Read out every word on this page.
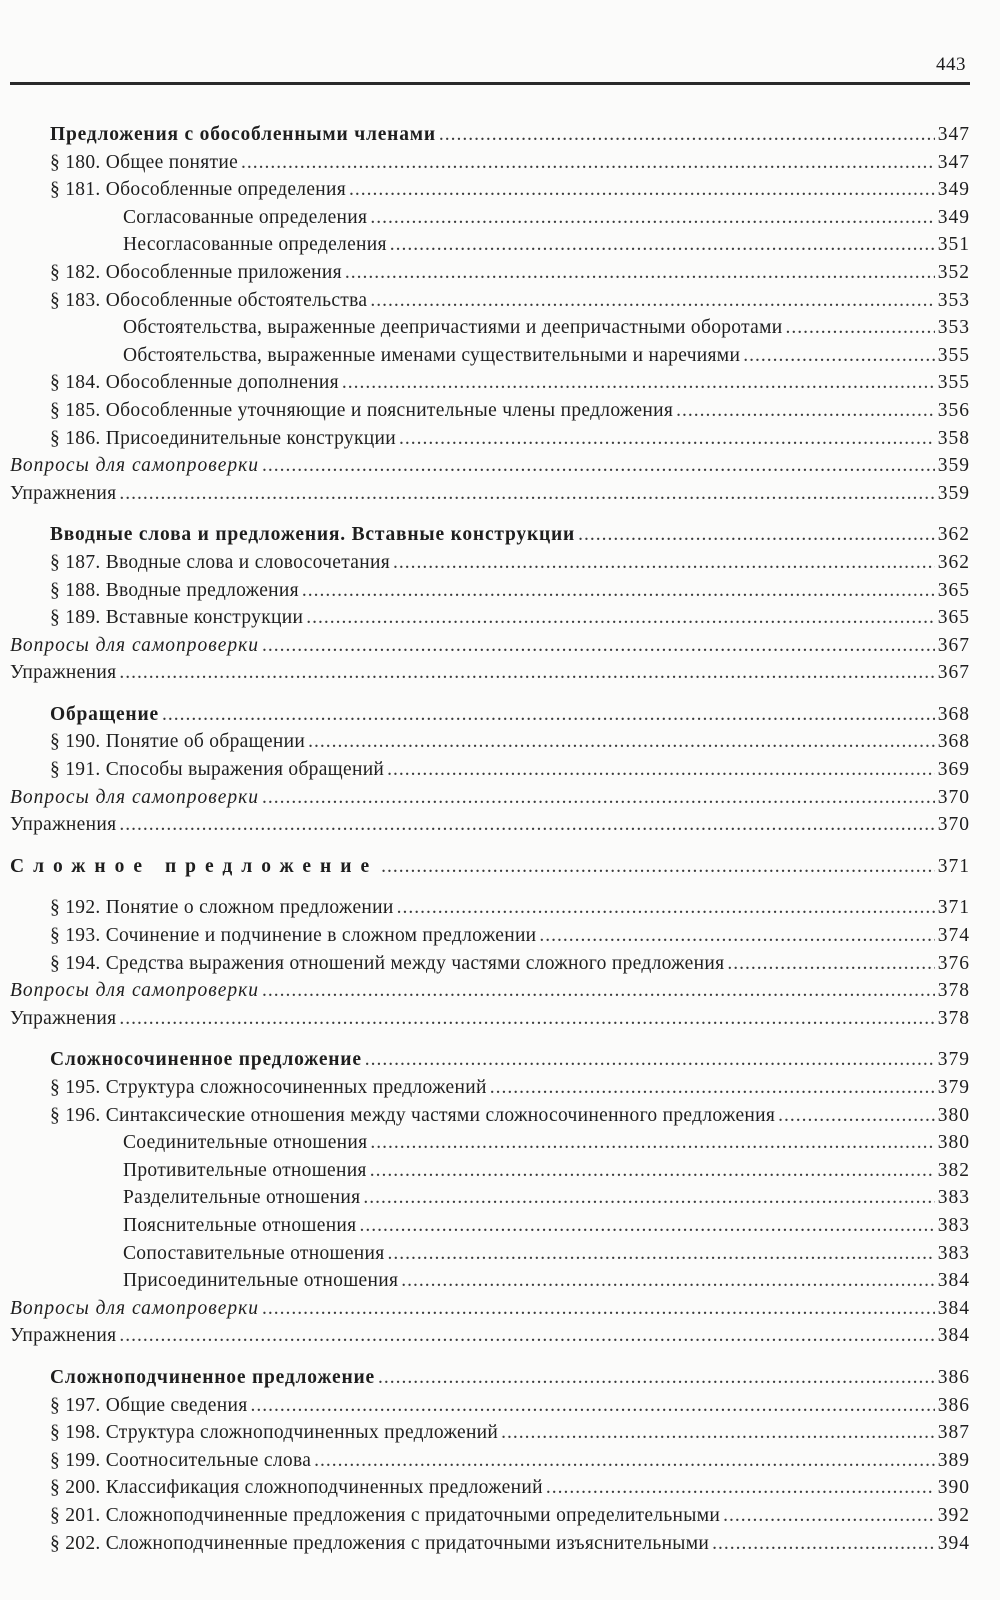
443
Предложения с обособленными членами .....	347
§ 180. Общее понятие .....	347
§ 181. Обособленные определения .....	349
Согласованные определения .....	349
Несогласованные определения .....	351
§ 182. Обособленные приложения .....	352
§ 183. Обособленные обстоятельства .....	353
Обстоятельства, выраженные деепричастиями и деепричастными оборотами .....	353
Обстоятельства, выраженные именами существительными и наречиями .....	355
§ 184. Обособленные дополнения .....	355
§ 185. Обособленные уточняющие и пояснительные члены предложения .....	356
§ 186. Присоединительные конструкции .....	358
Вопросы для самопроверки .....	359
Упражнения .....	359
Вводные слова и предложения. Вставные конструкции .....	362
§ 187. Вводные слова и словосочетания .....	362
§ 188. Вводные предложения .....	365
§ 189. Вставные конструкции .....	365
Вопросы для самопроверки .....	367
Упражнения .....	367
Обращение .....	368
§ 190. Понятие об обращении .....	368
§ 191. Способы выражения обращений .....	369
Вопросы для самопроверки .....	370
Упражнения .....	370
Сложное предложение .....	371
§ 192. Понятие о сложном предложении .....	371
§ 193. Сочинение и подчинение в сложном предложении .....	374
§ 194. Средства выражения отношений между частями сложного предложения .....	376
Вопросы для самопроверки .....	378
Упражнения .....	378
Сложносочиненное предложение .....	379
§ 195. Структура сложносочиненных предложений .....	379
§ 196. Синтаксические отношения между частями сложносочиненного предложения .....	380
Соединительные отношения .....	380
Противительные отношения .....	382
Разделительные отношения .....	383
Пояснительные отношения .....	383
Сопоставительные отношения .....	383
Присоединительные отношения .....	384
Вопросы для самопроверки .....	384
Упражнения .....	384
Сложноподчиненное предложение .....	386
§ 197. Общие сведения .....	386
§ 198. Структура сложноподчиненных предложений .....	387
§ 199. Соотносительные слова .....	389
§ 200. Классификация сложноподчиненных предложений .....	390
§ 201. Сложноподчиненные предложения с придаточными определительными .....	392
§ 202. Сложноподчиненные предложения с придаточными изъяснительными .....	394
